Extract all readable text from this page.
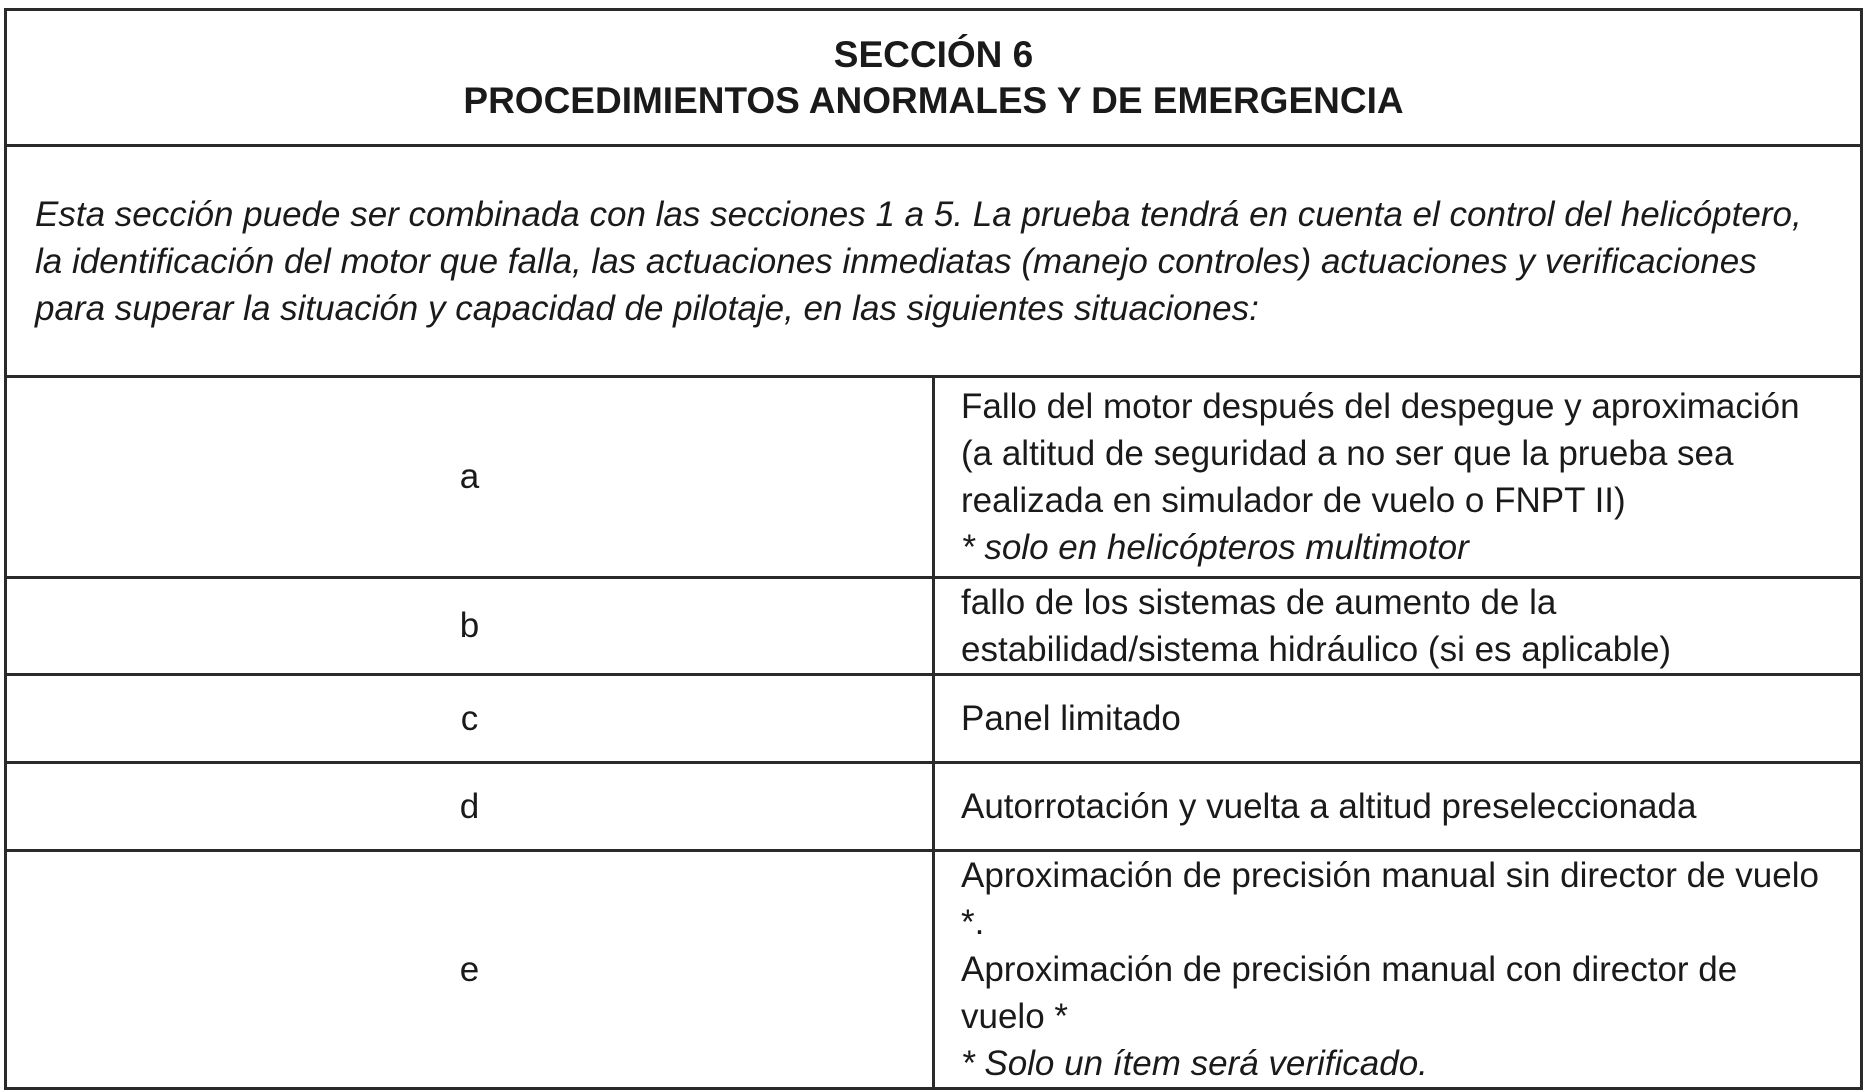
SECCIÓN 6
PROCEDIMIENTOS ANORMALES Y DE EMERGENCIA	

Esta sección puede ser combinada con las secciones 1 a 5. La prueba tendrá en cuenta el control del helicóptero, la identificación del motor que falla, las actuaciones inmediatas (manejo controles) actuaciones y verificaciones para superar la situación y capacidad de pilotaje, en las siguientes situaciones:	
a	Fallo del motor después del despegue y aproximación (a altitud de seguridad a no ser que la prueba sea realizada en simulador de vuelo o FNPT II)
* solo en helicópteros multimotor

b	fallo de los sistemas de aumento de la estabilidad/sistema hidráulico (si es aplicable)
c	Panel limitado
d	Autorrotación y vuelta a altitud preseleccionada
e	Aproximación de precisión manual sin director de vuelo *.
Aproximación de precisión manual con director de vuelo *
* Solo un ítem será verificado.
